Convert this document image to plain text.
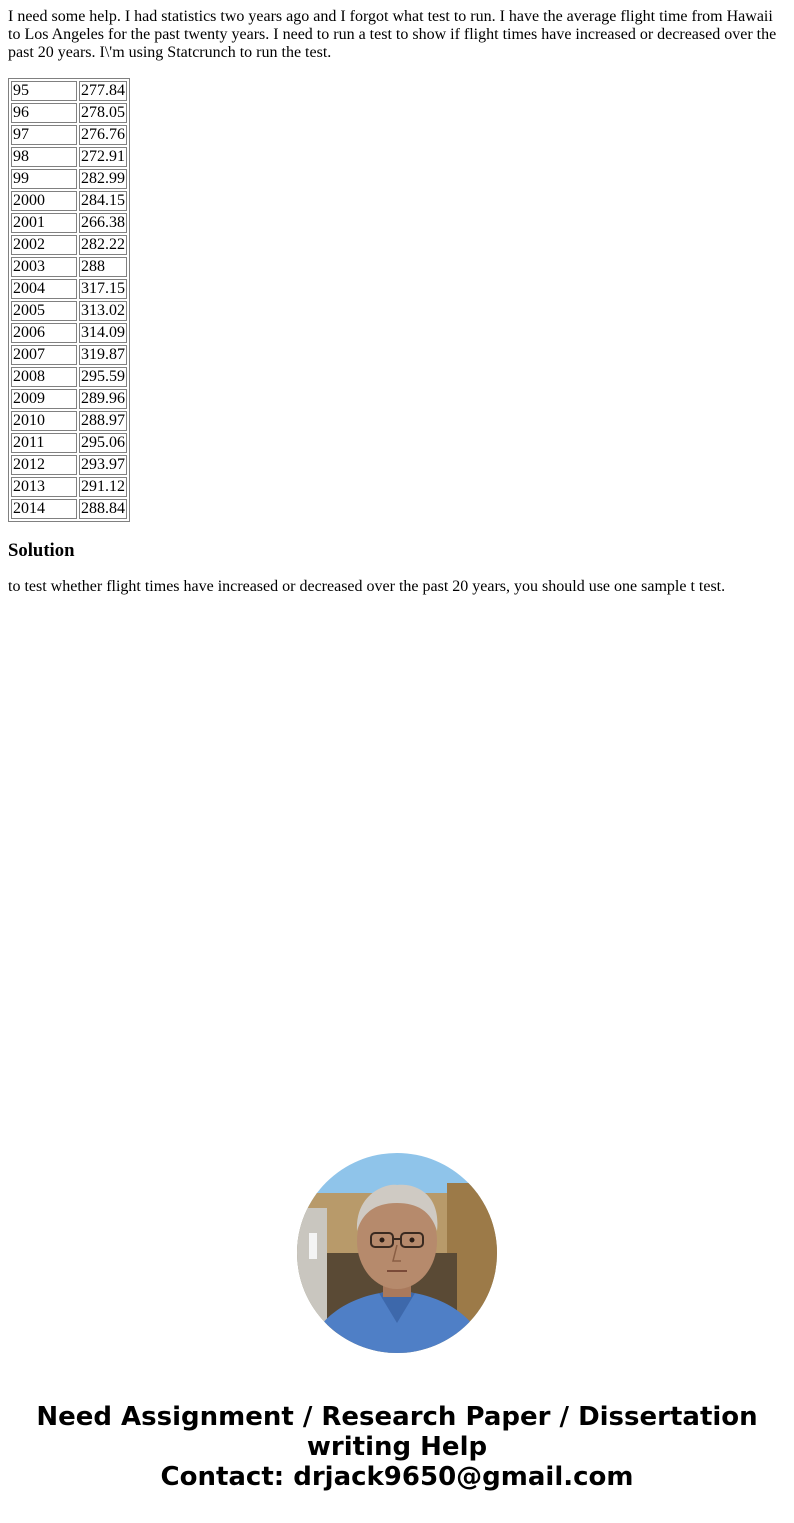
I need some help. I had statistics two years ago and I forgot what test to run. I have the average flight time from Hawaii to Los Angeles for the past twenty years. I need to run a test to show if flight times have increased or decreased over the past 20 years. I\'m using Statcrunch to run the test.

95	277.84
96	278.05
97	276.76
98	272.91
99	282.99
2000	284.15
2001	266.38
2002	282.22
2003	288
2004	317.15
2005	313.02
2006	314.09
2007	319.87
2008	295.59
2009	289.96
2010	288.97
2011	295.06
2012	293.97
2013	291.12
2014	288.84
Solution

to test whether flight times have increased or decreased over the past 20 years, you should use one sample t test.

Need Assignment / Research Paper / Dissertation
writing Help
Contact: drjack9650@gmail.com
